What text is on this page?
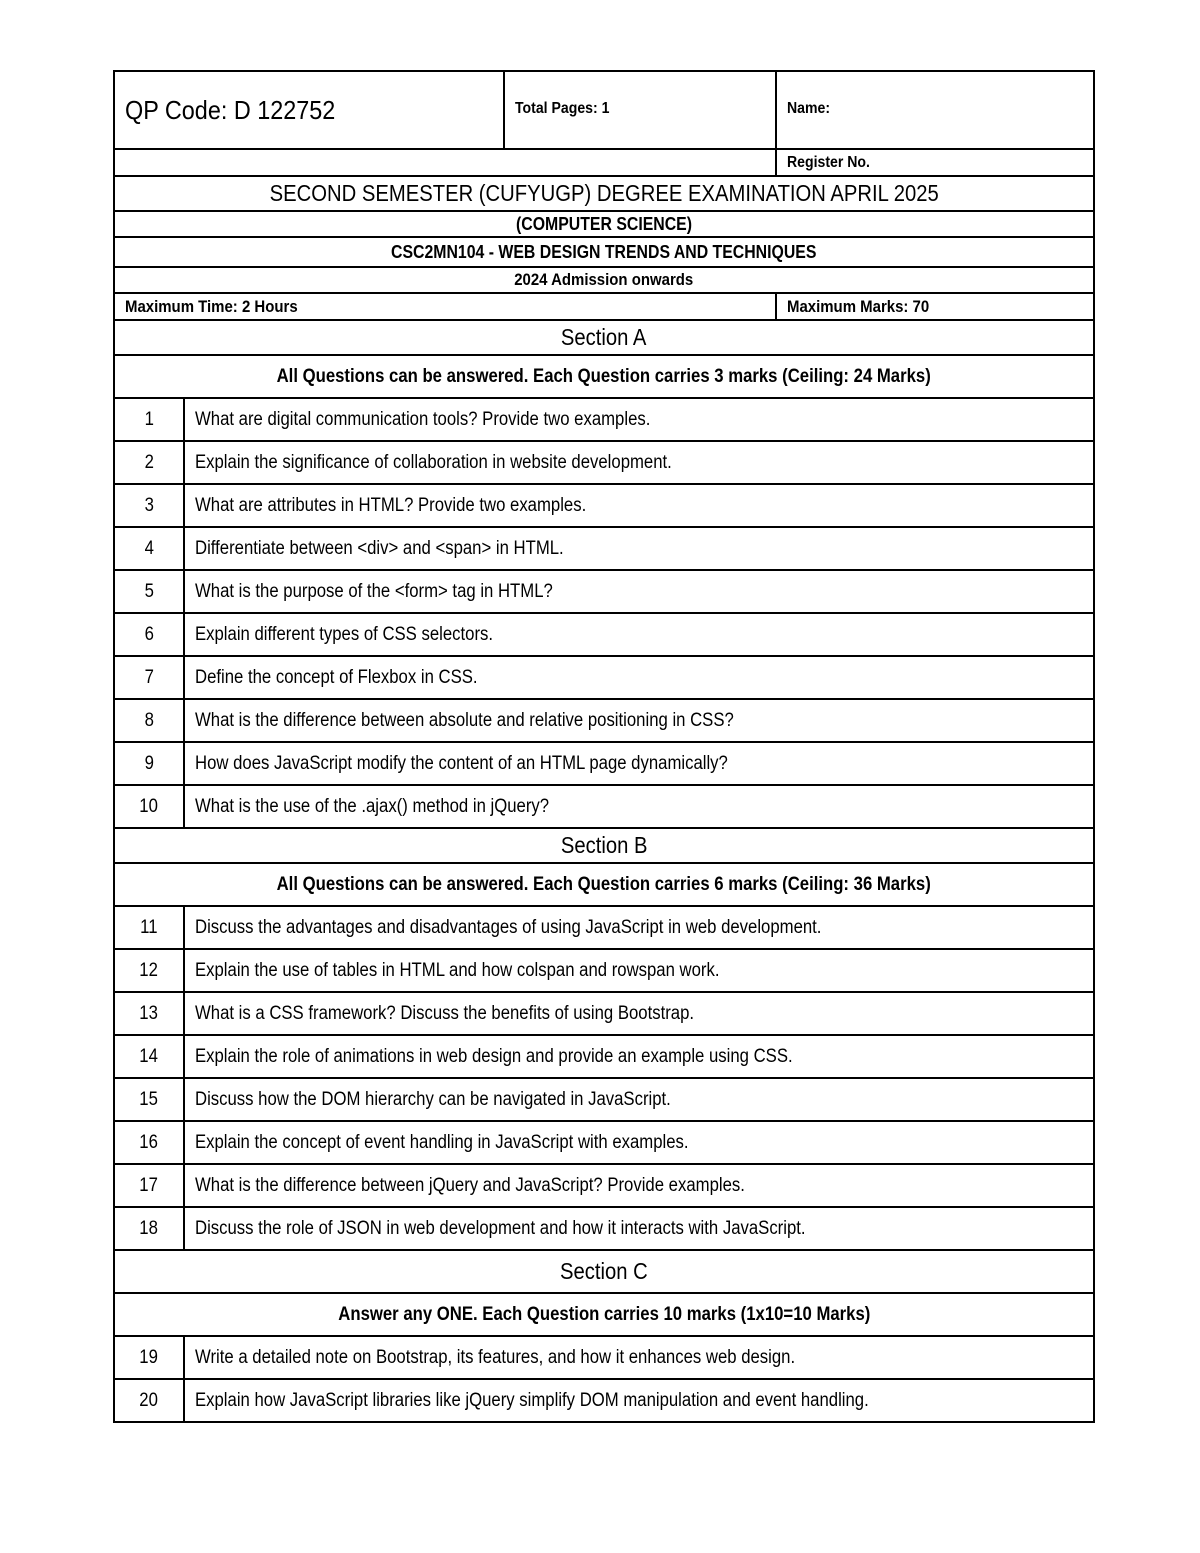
QP Code: D 122752		Total Pages: 1	Name:
			Register No.
SECOND SEMESTER (CUFYUGP) DEGREE EXAMINATION APRIL 2025			
(COMPUTER SCIENCE)			
CSC2MN104 - WEB DESIGN TRENDS AND TECHNIQUES			
2024 Admission onwards			
Maximum Time: 2 Hours			Maximum Marks: 70
Section A			
All Questions can be answered. Each Question carries 3 marks (Ceiling: 24 Marks)			
1	What are digital communication tools? Provide two examples.		
2	Explain the significance of collaboration in website development.		
3	What are attributes in HTML? Provide two examples.		
4	Differentiate between <div> and <span> in HTML.		
5	What is the purpose of the <form> tag in HTML?		
6	Explain different types of CSS selectors.		
7	Define the concept of Flexbox in CSS.		
8	What is the difference between absolute and relative positioning in CSS?		
9	How does JavaScript modify the content of an HTML page dynamically?		
10	What is the use of the .ajax() method in jQuery?		
Section B			
All Questions can be answered. Each Question carries 6 marks (Ceiling: 36 Marks)			
11	Discuss the advantages and disadvantages of using JavaScript in web development.		
12	Explain the use of tables in HTML and how colspan and rowspan work.		
13	What is a CSS framework? Discuss the benefits of using Bootstrap.		
14	Explain the role of animations in web design and provide an example using CSS.		
15	Discuss how the DOM hierarchy can be navigated in JavaScript.		
16	Explain the concept of event handling in JavaScript with examples.		
17	What is the difference between jQuery and JavaScript? Provide examples.		
18	Discuss the role of JSON in web development and how it interacts with JavaScript.		
Section C			
Answer any ONE. Each Question carries 10 marks (1x10=10 Marks)			
19	Write a detailed note on Bootstrap, its features, and how it enhances web design.		
20	Explain how JavaScript libraries like jQuery simplify DOM manipulation and event handling.		
